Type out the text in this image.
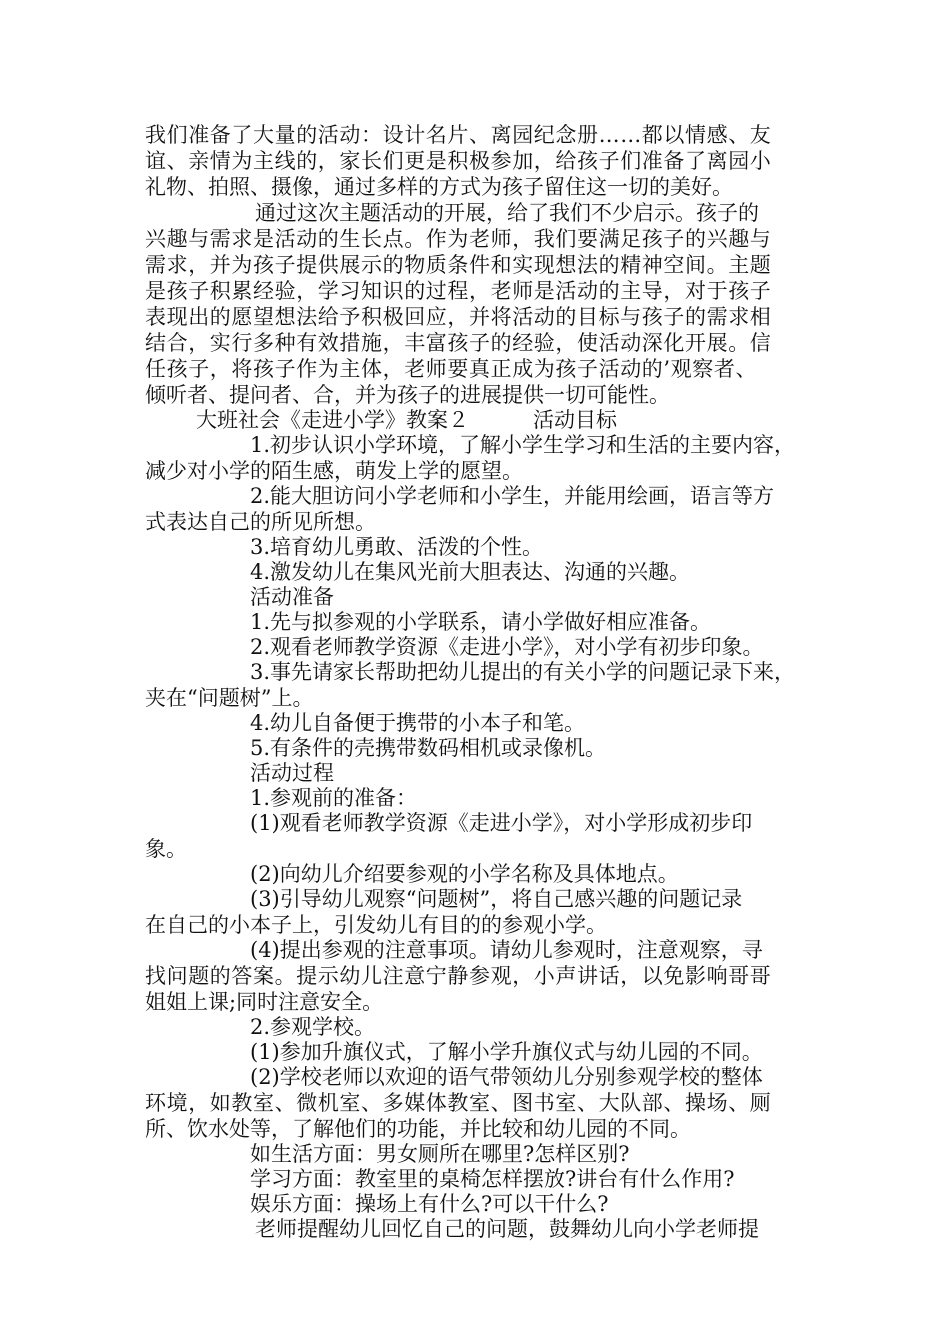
我们准备了大量的活动：设计名片、离园纪念册……都以情感、友
谊、亲情为主线的，家长们更是积极参加，给孩子们准备了离园小
礼物、拍照、摄像，通过多样的方式为孩子留住这一切的美好。
通过这次主题活动的开展，给了我们不少启示。孩子的
兴趣与需求是活动的生长点。作为老师，我们要满足孩子的兴趣与
需求，并为孩子提供展示的物质条件和实现想法的精神空间。主题
是孩子积累经验，学习知识的过程，老师是活动的主导，对于孩子
表现出的愿望想法给予积极回应，并将活动的目标与孩子的需求相
结合，实行多种有效措施，丰富孩子的经验，使活动深化开展。信
任孩子，将孩子作为主体，老师要真正成为孩子活动的’观察者、
倾听者、提问者、合，并为孩子的进展提供一切可能性。
大班社会《走进小学》教案２	活动目标
1.初步认识小学环境，了解小学生学习和生活的主要内容，
减少对小学的陌生感，萌发上学的愿望。
2.能大胆访问小学老师和小学生，并能用绘画，语言等方
式表达自己的所见所想。
3.培育幼儿勇敢、活泼的个性。
4.激发幼儿在集风光前大胆表达、沟通的兴趣。
活动准备
1.先与拟参观的小学联系，请小学做好相应准备。
2.观看老师教学资源《走进小学》，对小学有初步印象。
3.事先请家长帮助把幼儿提出的有关小学的问题记录下来，
夹在“问题树”上。
4.幼儿自备便于携带的小本子和笔。
5.有条件的壳携带数码相机或录像机。
活动过程
1.参观前的准备：
(1)观看老师教学资源《走进小学》，对小学形成初步印
象。
(2)向幼儿介绍要参观的小学名称及具体地点。
(3)引导幼儿观察“问题树”，将自己感兴趣的问题记录
在自己的小本子上，引发幼儿有目的的参观小学。
(4)提出参观的注意事项。请幼儿参观时，注意观察，寻
找问题的答案。提示幼儿注意宁静参观，小声讲话，以免影响哥哥
姐姐上课;同时注意安全。
2.参观学校。
(1)参加升旗仪式，了解小学升旗仪式与幼儿园的不同。
(2)学校老师以欢迎的语气带领幼儿分别参观学校的整体
环境，如教室、微机室、多媒体教室、图书室、大队部、操场、厕
所、饮水处等，了解他们的功能，并比较和幼儿园的不同。
如生活方面：男女厕所在哪里?怎样区别?
学习方面：教室里的桌椅怎样摆放?讲台有什么作用?
娱乐方面：操场上有什么?可以干什么?
老师提醒幼儿回忆自己的问题，鼓舞幼儿向小学老师提
